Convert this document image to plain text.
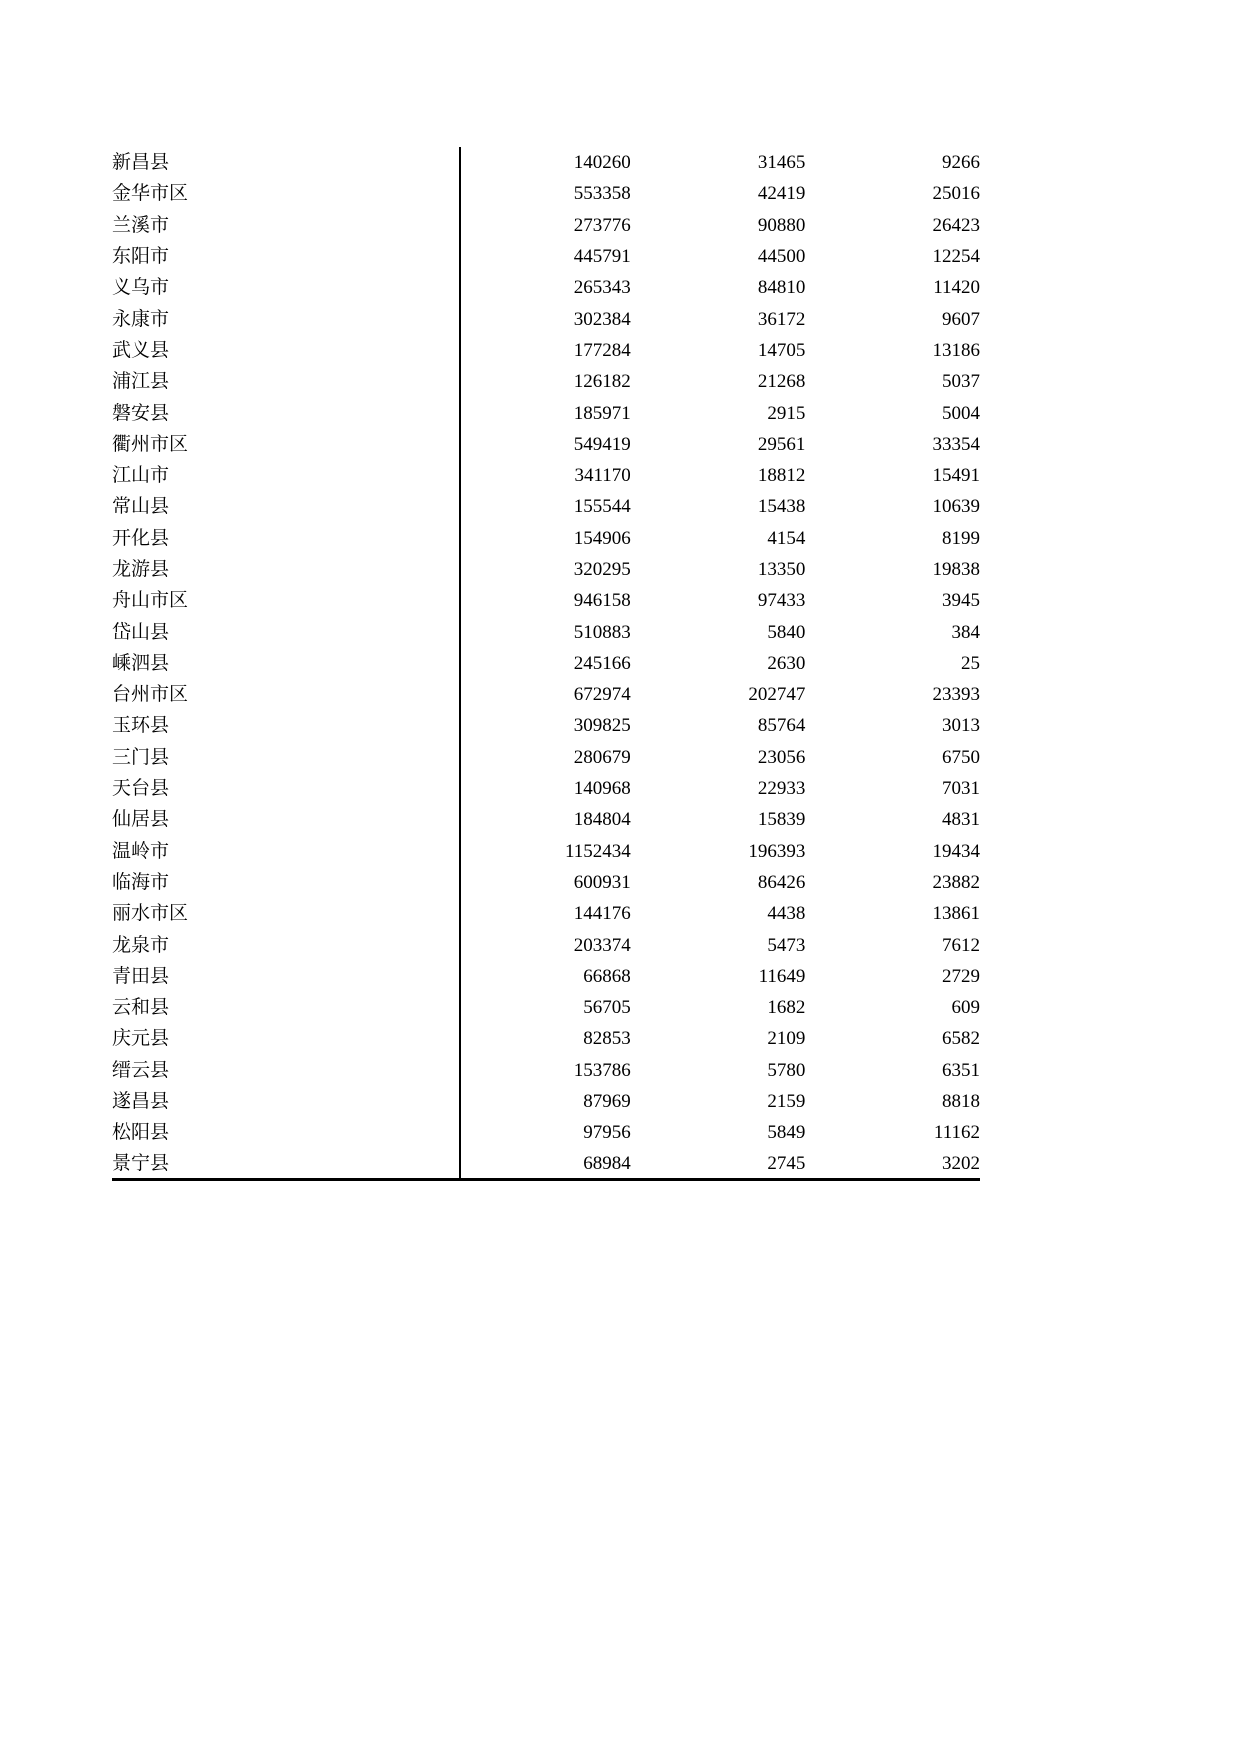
新昌县	140260	31465	9266
金华市区	553358	42419	25016
兰溪市	273776	90880	26423
东阳市	445791	44500	12254
义乌市	265343	84810	11420
永康市	302384	36172	9607
武义县	177284	14705	13186
浦江县	126182	21268	5037
磐安县	185971	2915	5004
衢州市区	549419	29561	33354
江山市	341170	18812	15491
常山县	155544	15438	10639
开化县	154906	4154	8199
龙游县	320295	13350	19838
舟山市区	946158	97433	3945
岱山县	510883	5840	384
嵊泗县	245166	2630	25
台州市区	672974	202747	23393
玉环县	309825	85764	3013
三门县	280679	23056	6750
天台县	140968	22933	7031
仙居县	184804	15839	4831
温岭市	1152434	196393	19434
临海市	600931	86426	23882
丽水市区	144176	4438	13861
龙泉市	203374	5473	7612
青田县	66868	11649	2729
云和县	56705	1682	609
庆元县	82853	2109	6582
缙云县	153786	5780	6351
遂昌县	87969	2159	8818
松阳县	97956	5849	11162
景宁县	68984	2745	3202
